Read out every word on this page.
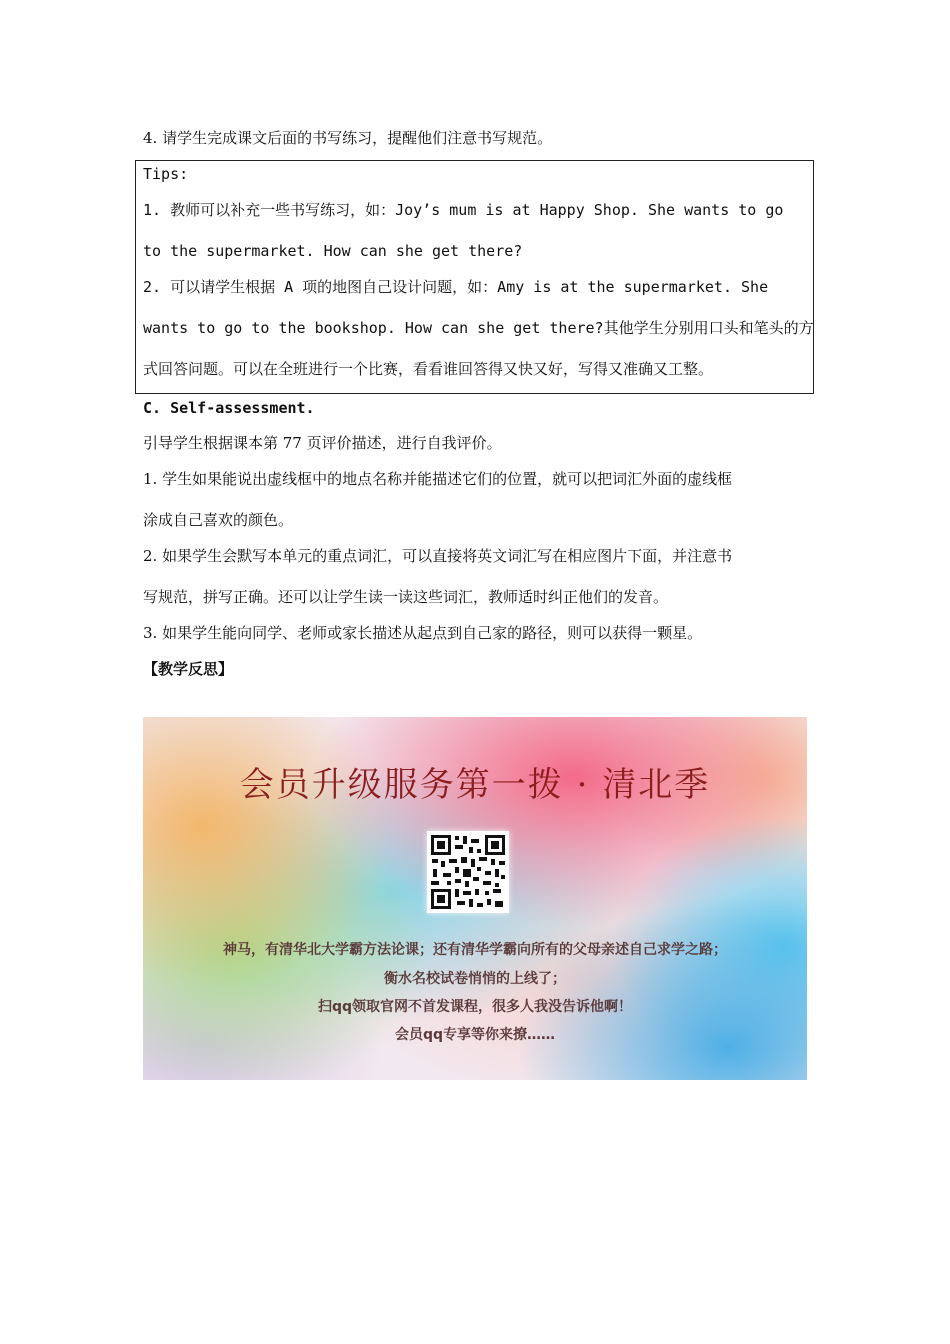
4. 请学生完成课文后面的书写练习，提醒他们注意书写规范。
Tips:
1. 教师可以补充一些书写练习，如：Joy’s mum is at Happy Shop. She wants to go
to the supermarket. How can she get there?
2. 可以请学生根据 A 项的地图自己设计问题，如：Amy is at the supermarket. She
wants to go to the bookshop. How can she get there?其他学生分别用口头和笔头的方
式回答问题。可以在全班进行一个比赛，看看谁回答得又快又好，写得又准确又工整。
C. Self-assessment.
引导学生根据课本第 77 页评价描述，进行自我评价。
1. 学生如果能说出虚线框中的地点名称并能描述它们的位置，就可以把词汇外面的虚线框
涂成自己喜欢的颜色。
2. 如果学生会默写本单元的重点词汇，可以直接将英文词汇写在相应图片下面，并注意书
写规范，拼写正确。还可以让学生读一读这些词汇，教师适时纠正他们的发音。
3. 如果学生能向同学、老师或家长描述从起点到自己家的路径，则可以获得一颗星。
【教学反思】
会员升级服务第一拨 · 清北季
神马，有清华北大学霸方法论课；还有清华学霸向所有的父母亲述自己求学之路；
衡水名校试卷悄悄的上线了；
扫qq领取官网不首发课程，很多人我没告诉他啊！
会员qq专享等你来撩……
